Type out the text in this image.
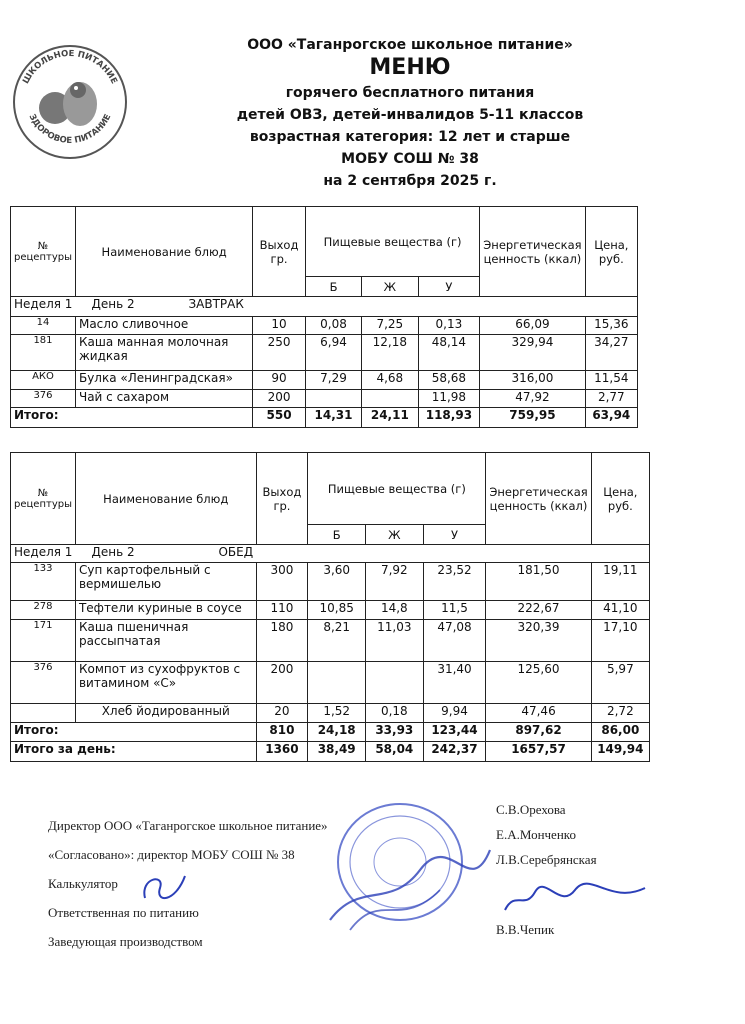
ШКОЛЬНОЕ ПИТАНИЕ
ЗДОРОВОЕ ПИТАНИЕ
ООО «Таганрогское школьное питание»
МЕНЮ
горячего бесплатного питания
детей ОВЗ, детей-инвалидов 5-11 классов
возрастная категория: 12 лет и старше
МОБУ СОШ № 38
на 2 сентября 2025 г.
№ рецептуры	Наименование блюд	Выход гр.	Пищевые вещества (г)			Энергетическая ценность (ккал)	Цена, руб.
			Б	Ж	У		
Неделя 1 День 2 ЗАВТРАК							
14	Масло сливочное	10	0,08	7,25	0,13	66,09	15,36
181	Каша манная молочная жидкая	250	6,94	12,18	48,14	329,94	34,27
АКО	Булка «Ленинградская»	90	7,29	4,68	58,68	316,00	11,54
376	Чай с сахаром	200			11,98	47,92	2,77
Итого:		550	14,31	24,11	118,93	759,95	63,94
№ рецептуры	Наименование блюд	Выход гр.	Пищевые вещества (г)			Энергетическая ценность (ккал)	Цена, руб.
			Б	Ж	У		
Неделя 1 День 2 ОБЕД							
133	Суп картофельный с вермишелью	300	3,60	7,92	23,52	181,50	19,11
278	Тефтели куриные в соусе	110	10,85	14,8	11,5	222,67	41,10
171	Каша пшеничная рассыпчатая	180	8,21	11,03	47,08	320,39	17,10
376	Компот из сухофруктов с витамином «С»	200			31,40	125,60	5,97
	Хлеб йодированный	20	1,52	0,18	9,94	47,46	2,72
Итого:		810	24,18	33,93	123,44	897,62	86,00
Итого за день:		1360	38,49	58,04	242,37	1657,57	149,94
Директор ООО «Таганрогское школьное питание»
«Согласовано»: директор МОБУ СОШ № 38
Калькулятор
Ответственная по питанию
Заведующая производством
С.В.Орехова
Е.А.Монченко
Л.В.Серебрянская
В.В.Чепик
